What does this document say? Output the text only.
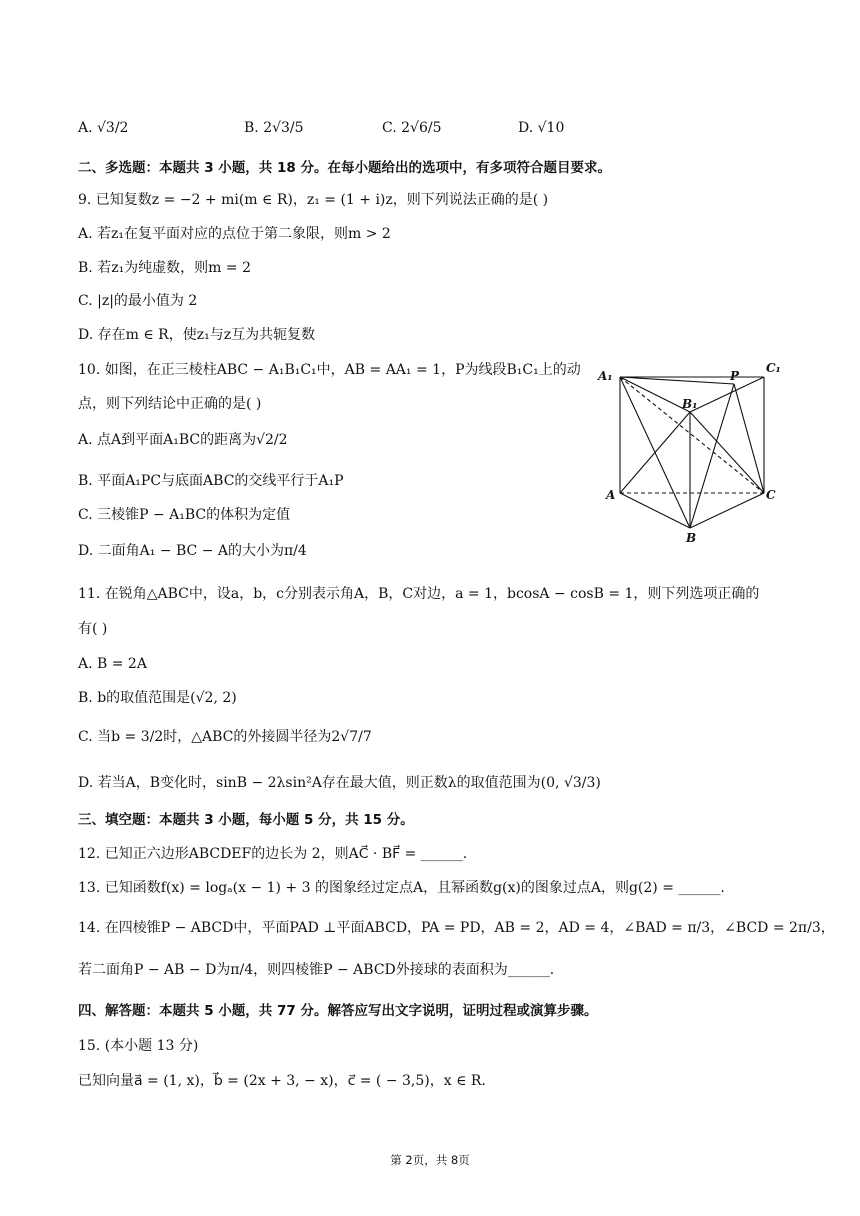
A. √3/2	B. 2√3/5	C. 2√6/5	D. √10
二、多选题：本题共 3 小题，共 18 分。在每小题给出的选项中，有多项符合题目要求。
9. 已知复数z = −2 + mi(m ∈ R)，z₁ = (1 + i)z，则下列说法正确的是( )
A. 若z₁在复平面对应的点位于第二象限，则m > 2
B. 若z₁为纯虚数，则m = 2
C. |z|的最小值为 2
D. 存在m ∈ R，使z₁与z互为共轭复数
10. 如图，在正三棱柱ABC − A₁B₁C₁中，AB = AA₁ = 1，P为线段B₁C₁上的动
点，则下列结论中正确的是( )
A. 点A到平面A₁BC的距离为√2/2
B. 平面A₁PC与底面ABC的交线平行于A₁P
C. 三棱锥P − A₁BC的体积为定值
D. 二面角A₁ − BC − A的大小为π/4
11. 在锐角△ABC中，设a，b，c分别表示角A，B，C对边，a = 1，bcosA − cosB = 1，则下列选项正确的
有( )
A. B = 2A
B. b的取值范围是(√2, 2)
C. 当b = 3/2时，△ABC的外接圆半径为2√7/7
D. 若当A，B变化时，sinB − 2λsin²A存在最大值，则正数λ的取值范围为(0, √3/3)
三、填空题：本题共 3 小题，每小题 5 分，共 15 分。
12. 已知正六边形ABCDEF的边长为 2，则AC⃗ · BF⃗ = ______.
13. 已知函数f(x) = logₐ(x − 1) + 3 的图象经过定点A，且幂函数g(x)的图象过点A，则g(2) = ______.
14. 在四棱锥P − ABCD中，平面PAD ⊥平面ABCD，PA = PD，AB = 2，AD = 4，∠BAD = π/3，∠BCD = 2π/3，
若二面角P − AB − D为π/4，则四棱锥P − ABCD外接球的表面积为______.
四、解答题：本题共 5 小题，共 77 分。解答应写出文字说明，证明过程或演算步骤。
15. (本小题 13 分)
已知向量a⃗ = (1, x)，b⃗ = (2x + 3, − x)，c⃗ = ( − 3,5)，x ∈ R.
A₁	P
C₁
B₁
A	C
B
第 2页，共 8页
